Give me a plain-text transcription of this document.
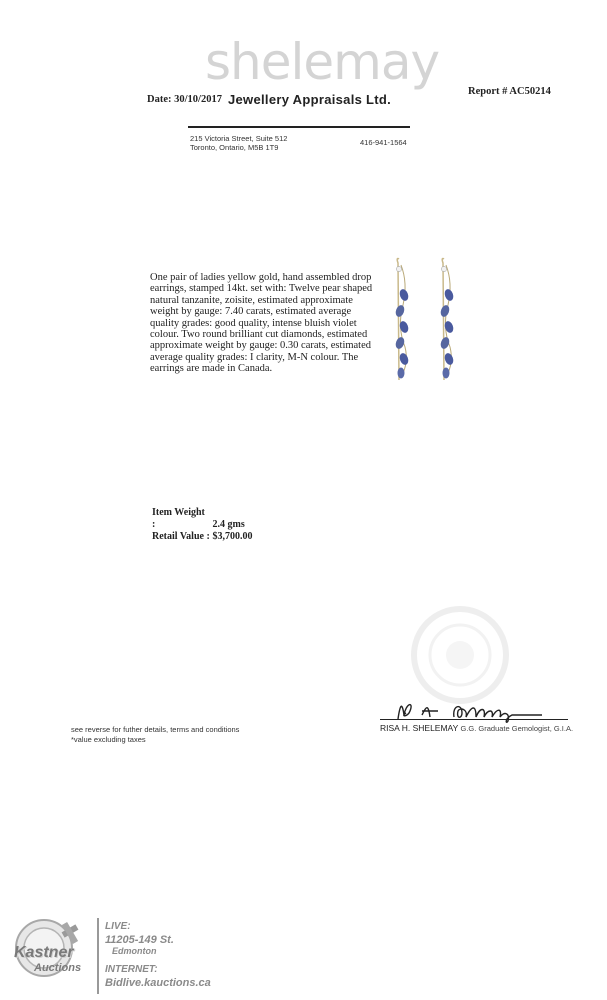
shelemay
Date: 30/10/2017 Jewellery Appraisals Ltd.
Report # AC50214
215 Victoria Street, Suite 512
Toronto, Ontario, M5B 1T9
416-941-1564
One pair of ladies yellow gold, hand assembled drop earrings, stamped 14kt. set with: Twelve pear shaped natural tanzanite, zoisite, estimated approximate weight by gauge: 7.40 carats, estimated average quality grades: good quality, intense bluish violet colour. Two round brilliant cut diamonds, estimated approximate weight by gauge: 0.30 carats, estimated average quality grades: I clarity, M-N colour. The earrings are made in Canada.
Item Weight :	2.4 gms
Retail Value : $3,700.00
RISA H. SHELEMAY G.G. Graduate Gemologist, G.I.A.
see reverse for futher details, terms and conditions
*value excluding taxes
Kastner
Auctions
LIVE:
11205-149 St.
Edmonton
INTERNET:
Bidlive.kauctions.ca
